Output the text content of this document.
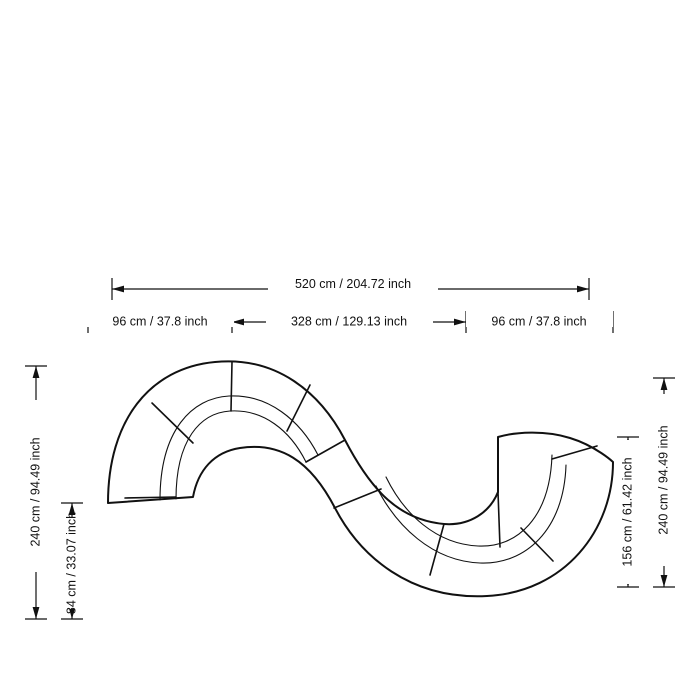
520 cm / 204.72 inch
96 cm / 37.8 inch	328 cm / 129.13 inch	96 cm / 37.8 inch
240 cm / 94.49 inch
84 cm / 33.07 inch
240 cm / 94.49 inch
156 cm / 61.42 inch
